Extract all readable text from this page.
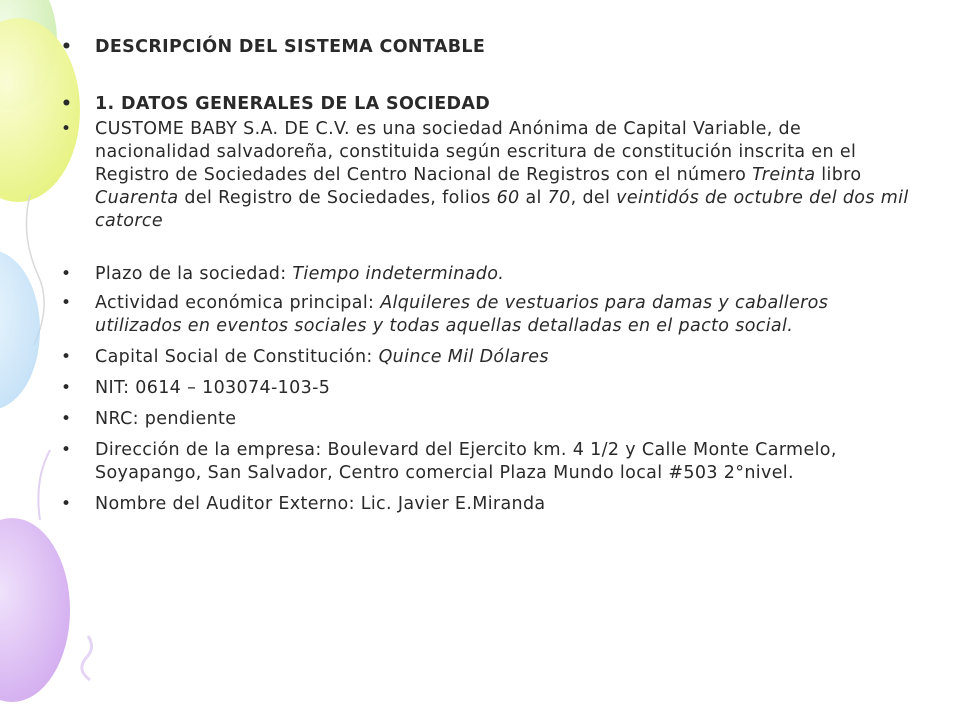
• DESCRIPCIÓN DEL SISTEMA CONTABLE
• 1. DATOS GENERALES DE LA SOCIEDAD
• CUSTOME BABY S.A. DE C.V. es una sociedad Anónima de Capital Variable, de nacionalidad salvadoreña, constituida según escritura de constitución inscrita en el Registro de Sociedades del Centro Nacional de Registros con el número Treinta libro Cuarenta del Registro de Sociedades, folios 60 al 70, del veintidós de octubre del dos mil catorce
• Plazo de la sociedad: Tiempo indeterminado.
• Actividad económica principal: Alquileres de vestuarios para damas y caballeros utilizados en eventos sociales y todas aquellas detalladas en el pacto social.
• Capital Social de Constitución: Quince Mil Dólares
• NIT: 0614 – 103074-103-5
• NRC: pendiente
• Dirección de la empresa: Boulevard del Ejercito km. 4 1/2 y Calle Monte Carmelo, Soyapango, San Salvador, Centro comercial Plaza Mundo local #503 2°nivel.
• Nombre del Auditor Externo: Lic. Javier E.Miranda
